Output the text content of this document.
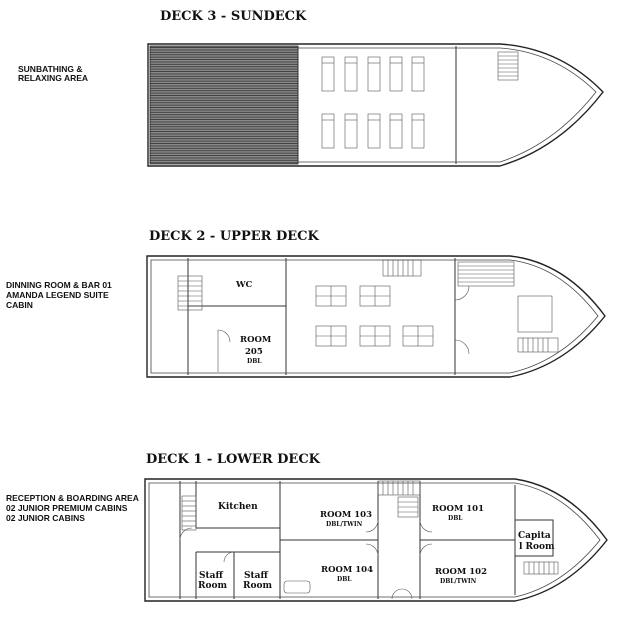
DECK 3 - SUNDECK
SUNBATHING &
RELAXING AREA
DECK 2 - UPPER DECK
DINNING ROOM & BAR 01
AMANDA LEGEND SUITE
CABIN
WC
ROOM
205
DBL
DECK 1 - LOWER DECK
RECEPTION & BOARDING AREA
02 JUNIOR PREMIUM CABINS
02 JUNIOR CABINS
Kitchen
Staff
Room
Staff
Room
ROOM 103
DBL/TWIN
ROOM 104
DBL
ROOM 101
DBL
ROOM 102
DBL/TWIN
Capita
l Room
